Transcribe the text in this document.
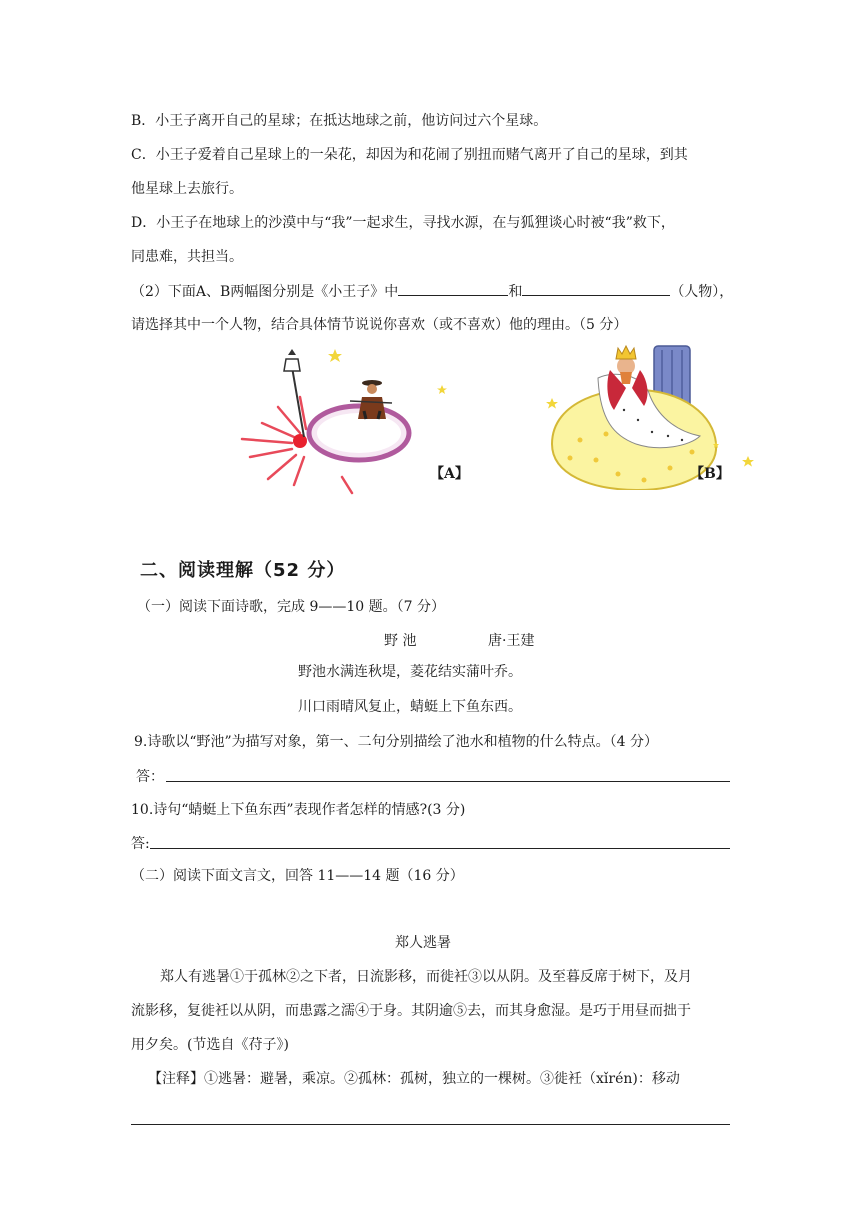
B．小王子离开自己的星球；在抵达地球之前，他访问过六个星球。
C．小王子爱着自己星球上的一朵花，却因为和花闹了别扭而赌气离开了自己的星球，到其
他星球上去旅行。
D．小王子在地球上的沙漠中与“我”一起求生，寻找水源，在与狐狸谈心时被“我”救下，
同患难，共担当。
（2）下面A、B两幅图分别是《小王子》中	和	（人物），
请选择其中一个人物，结合具体情节说说你喜欢（或不喜欢）他的理由。（5 分）
【A】	【B】
二、阅读理解（52 分）
（一）阅读下面诗歌，完成 9——10 题。（7 分）
野 池	唐·王建
野池水满连秋堤，菱花结实蒲叶乔。
川口雨晴风复止，蜻蜓上下鱼东西。
9.诗歌以“野池”为描写对象，第一、二句分别描绘了池水和植物的什么特点。（4 分）
答：
10.诗句“蜻蜓上下鱼东西”表现作者怎样的情感?(3 分)
答:
（二）阅读下面文言文，回答 11——14 题（16 分）
郑人逃暑
郑人有逃暑①于孤林②之下者，日流影移，而徙衽③以从阴。及至暮反席于树下，及月
流影移，复徙衽以从阴，而患露之濡④于身。其阴逾⑤去，而其身愈湿。是巧于用昼而拙于
用夕矣。(节选自《苻子》)
【注释】①逃暑：避暑，乘凉。②孤林：孤树，独立的一棵树。③徙衽（xǐrén)：移动
